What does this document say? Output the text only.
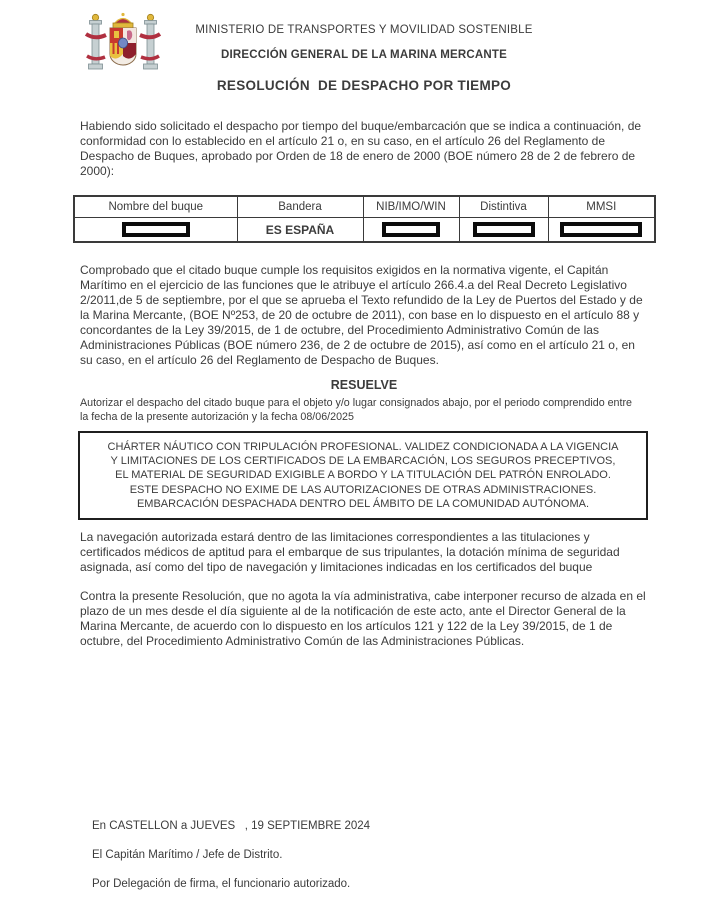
MINISTERIO DE TRANSPORTES Y MOVILIDAD SOSTENIBLE
DIRECCIÓN GENERAL DE LA MARINA MERCANTE
RESOLUCIÓN  DE DESPACHO POR TIEMPO

Habiendo sido solicitado el despacho por tiempo del buque/embarcación que se indica a continuación, de conformidad con lo establecido en el artículo 21 o, en su caso, en el artículo 26 del Reglamento de Despacho de Buques, aprobado por Orden de 18 de enero de 2000 (BOE número 28 de 2 de febrero de 2000):

Nombre del buque	Bandera	NIB/IMO/WIN	Distintiva	MMSI
	ES ESPAÑA			

Comprobado que el citado buque cumple los requisitos exigidos en la normativa vigente, el Capitán Marítimo en el ejercicio de las funciones que le atribuye el artículo 266.4.a del Real Decreto Legislativo 2/2011,de 5 de septiembre, por el que se aprueba el Texto refundido de la Ley de Puertos del Estado y de la Marina Mercante, (BOE Nº253, de 20 de octubre de 2011), con base en lo dispuesto en el artículo 88 y concordantes de la Ley 39/2015, de 1 de octubre, del Procedimiento Administrativo Común de las Administraciones Públicas (BOE número 236, de 2 de octubre de 2015), así como en el artículo 21 o, en su caso, en el artículo 26 del Reglamento de Despacho de Buques.

RESUELVE

Autorizar el despacho del citado buque para el objeto y/o lugar consignados abajo, por el periodo comprendido entre la fecha de la presente autorización y la fecha 08/06/2025

CHÁRTER NÁUTICO CON TRIPULACIÓN PROFESIONAL. VALIDEZ CONDICIONADA A LA VIGENCIA Y LIMITACIONES DE LOS CERTIFICADOS DE LA EMBARCACIÓN, LOS SEGUROS PRECEPTIVOS, EL MATERIAL DE SEGURIDAD EXIGIBLE A BORDO Y LA TITULACIÓN DEL PATRÓN ENROLADO. ESTE DESPACHO NO EXIME DE LAS AUTORIZACIONES DE OTRAS ADMINISTRACIONES. EMBARCACIÓN DESPACHADA DENTRO DEL ÁMBITO DE LA COMUNIDAD AUTÓNOMA.

La navegación autorizada estará dentro de las limitaciones correspondientes a las titulaciones y certificados médicos de aptitud para el embarque de sus tripulantes, la dotación mínima de seguridad asignada, así como del tipo de navegación y limitaciones indicadas en los certificados del buque

Contra la presente Resolución, que no agota la vía administrativa, cabe interponer recurso de alzada en el plazo de un mes desde el día siguiente al de la notificación de este acto, ante el Director General de la Marina Mercante, de acuerdo con lo dispuesto en los artículos 121 y 122 de la Ley 39/2015, de 1 de octubre, del Procedimiento Administrativo Común de las Administraciones Públicas.

En CASTELLON a JUEVES   , 19 SEPTIEMBRE 2024
El Capitán Marítimo / Jefe de Distrito.
Por Delegación de firma, el funcionario autorizado.
